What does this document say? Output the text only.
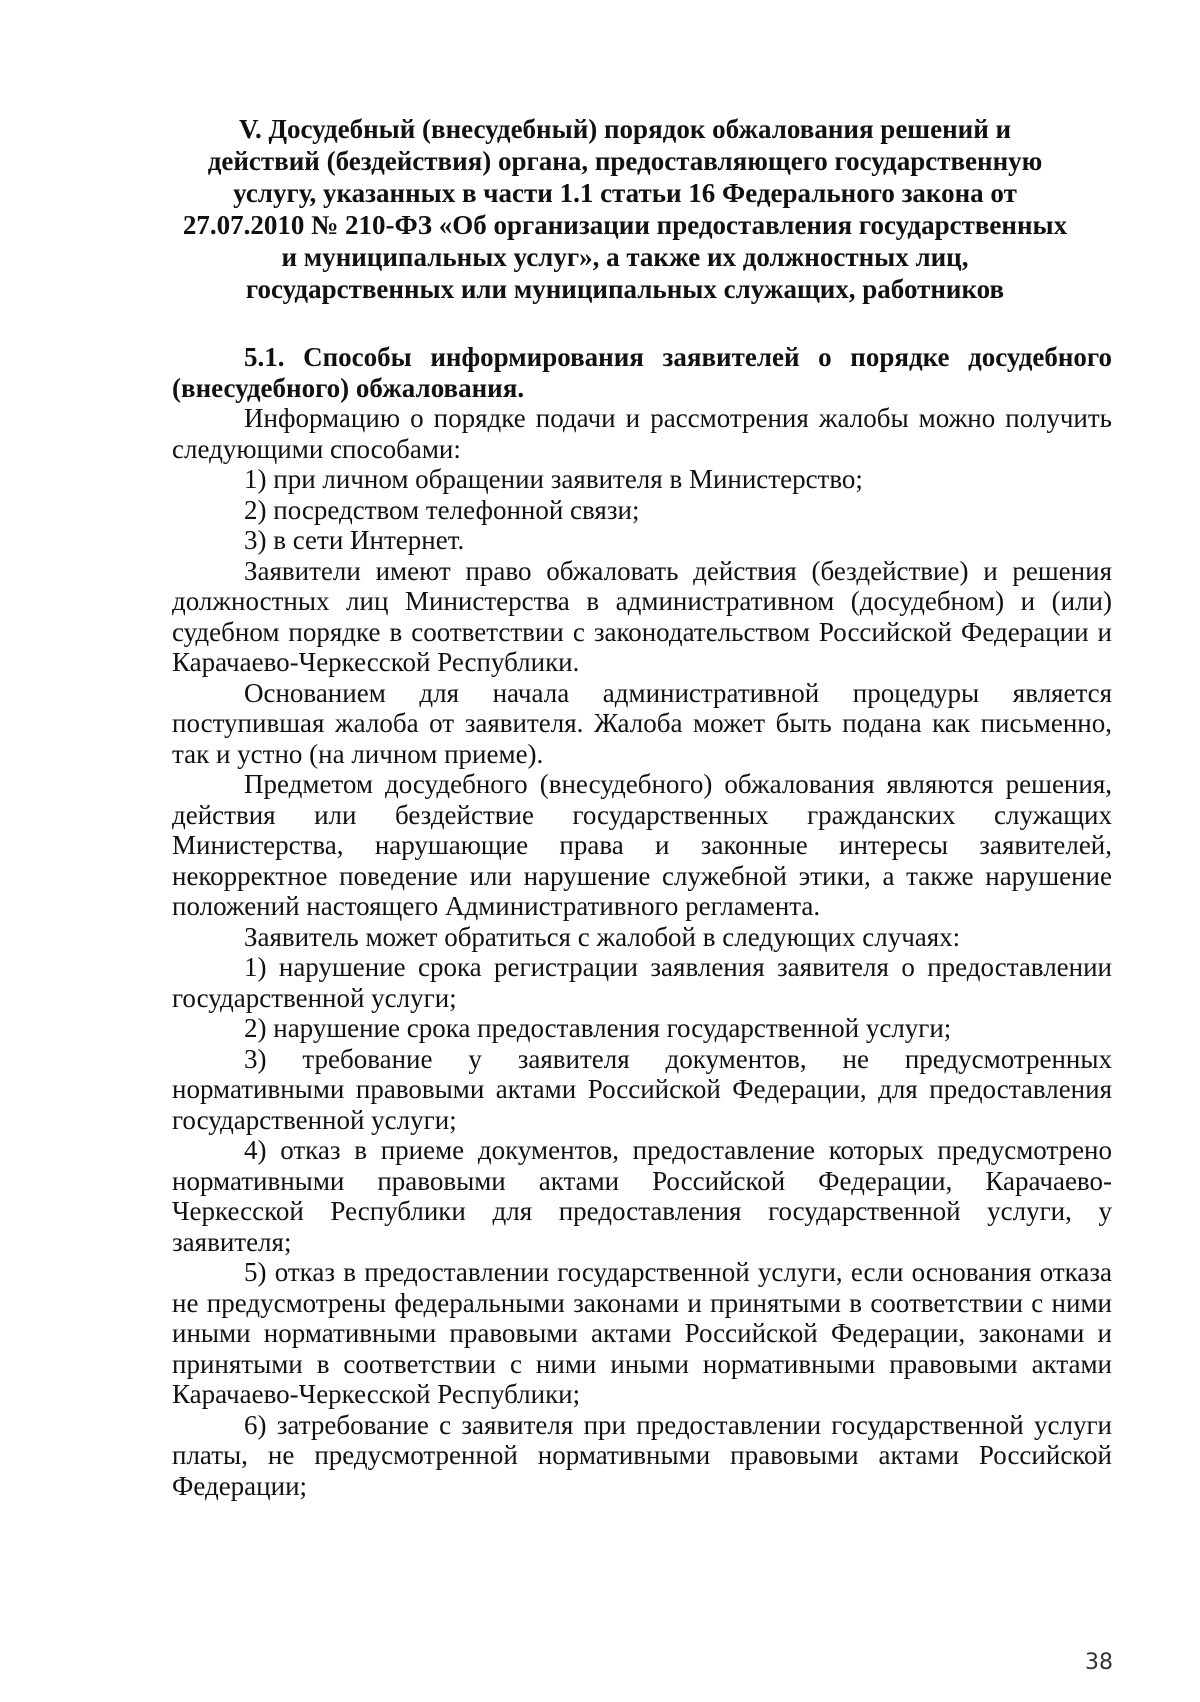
V. Досудебный (внесудебный) порядок обжалования решений и
действий (бездействия) органа, предоставляющего государственную
услугу, указанных в части 1.1 статьи 16 Федерального закона от
27.07.2010 № 210-ФЗ «Об организации предоставления государственных
и муниципальных услуг», а также их должностных лиц,
государственных или муниципальных служащих, работников

5.1. Способы информирования заявителей о порядке досудебного (внесудебного) обжалования.

Информацию о порядке подачи и рассмотрения жалобы можно получить следующими способами:

1) при личном обращении заявителя в Министерство;

2) посредством телефонной связи;

3) в сети Интернет.

Заявители имеют право обжаловать действия (бездействие) и решения должностных лиц Министерства в административном (досудебном) и (или) судебном порядке в соответствии с законодательством Российской Федерации и Карачаево-Черкесской Республики.

Основанием для начала административной процедуры является поступившая жалоба от заявителя. Жалоба может быть подана как письменно, так и устно (на личном приеме).

Предметом досудебного (внесудебного) обжалования являются решения, действия или бездействие государственных гражданских служащих Министерства, нарушающие права и законные интересы заявителей, некорректное поведение или нарушение служебной этики, а также нарушение положений настоящего Административного регламента.

Заявитель может обратиться с жалобой в следующих случаях:

1) нарушение срока регистрации заявления заявителя о предоставлении государственной услуги;

2) нарушение срока предоставления государственной услуги;

3) требование у заявителя документов, не предусмотренных нормативными правовыми актами Российской Федерации, для предоставления государственной услуги;

4) отказ в приеме документов, предоставление которых предусмотрено нормативными правовыми актами Российской Федерации, Карачаево-Черкесской Республики для предоставления государственной услуги, у заявителя;

5) отказ в предоставлении государственной услуги, если основания отказа не предусмотрены федеральными законами и принятыми в соответствии с ними иными нормативными правовыми актами Российской Федерации, законами и принятыми в соответствии с ними иными нормативными правовыми актами Карачаево-Черкесской Республики;

6) затребование с заявителя при предоставлении государственной услуги платы, не предусмотренной нормативными правовыми актами Российской Федерации;

38
